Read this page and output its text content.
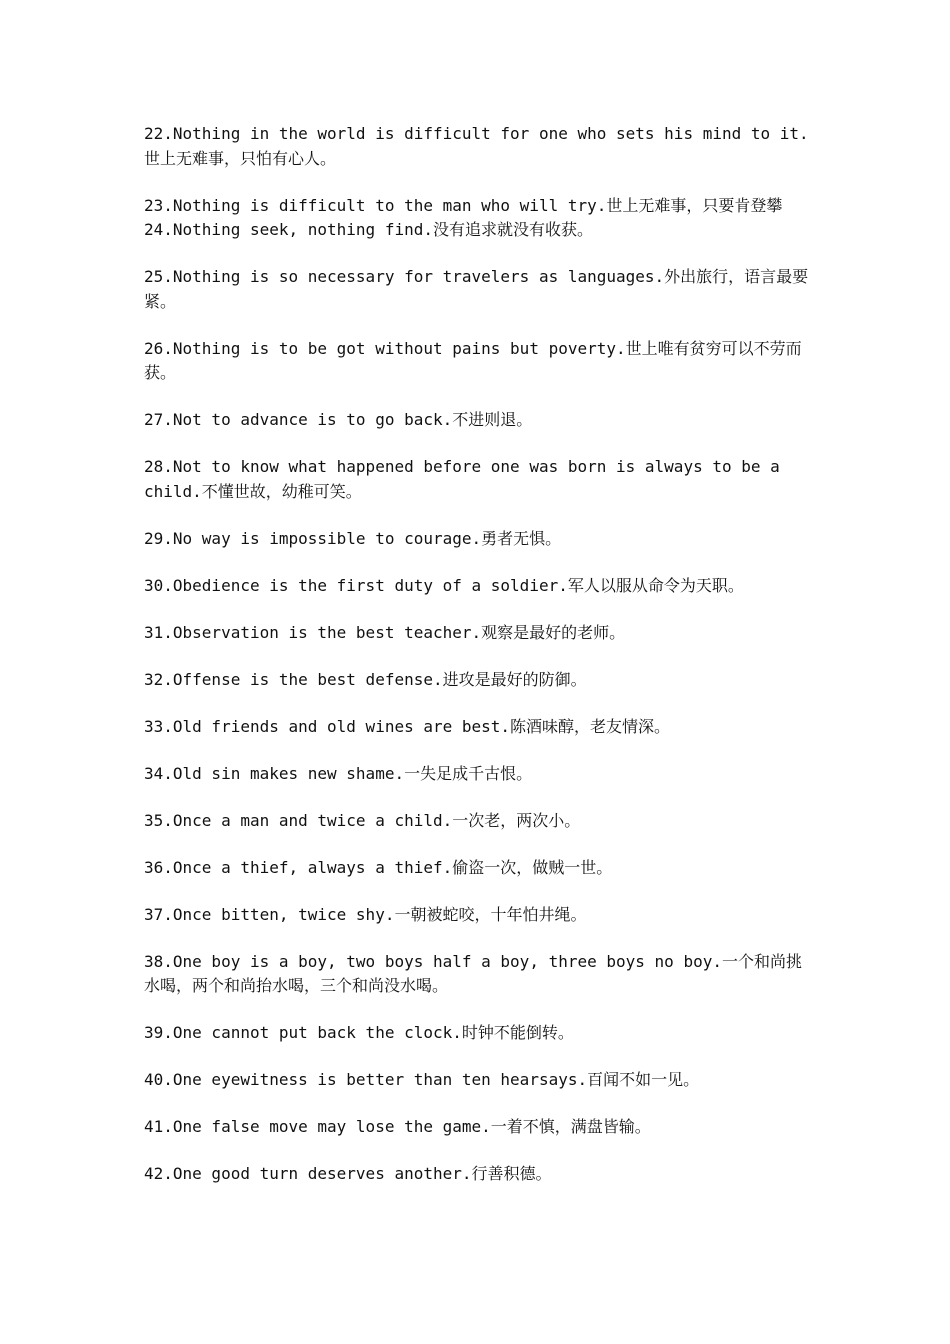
22.Nothing in the world is difficult for one who sets his mind to it.世上无难事，只怕有心人。

23.Nothing is difficult to the man who will try.世上无难事，只要肯登攀

24.Nothing seek, nothing find.没有追求就没有收获。

25.Nothing is so necessary for travelers as languages.外出旅行，语言最要紧。

26.Nothing is to be got without pains but poverty.世上唯有贫穷可以不劳而获。

27.Not to advance is to go back.不进则退。

28.Not to know what happened before one was born is always to be a child.不懂世故，幼稚可笑。

29.No way is impossible to courage.勇者无惧。

30.Obedience is the first duty of a soldier.军人以服从命令为天职。

31.Observation is the best teacher.观察是最好的老师。

32.Offense is the best defense.进攻是最好的防御。

33.Old friends and old wines are best.陈酒味醇，老友情深。

34.Old sin makes new shame.一失足成千古恨。

35.Once a man and twice a child.一次老，两次小。

36.Once a thief, always a thief.偷盗一次，做贼一世。

37.Once bitten, twice shy.一朝被蛇咬，十年怕井绳。

38.One boy is a boy, two boys half a boy, three boys no boy.一个和尚挑水喝，两个和尚抬水喝，三个和尚没水喝。

39.One cannot put back the clock.时钟不能倒转。

40.One eyewitness is better than ten hearsays.百闻不如一见。

41.One false move may lose the game.一着不慎，满盘皆输。

42.One good turn deserves another.行善积德。
